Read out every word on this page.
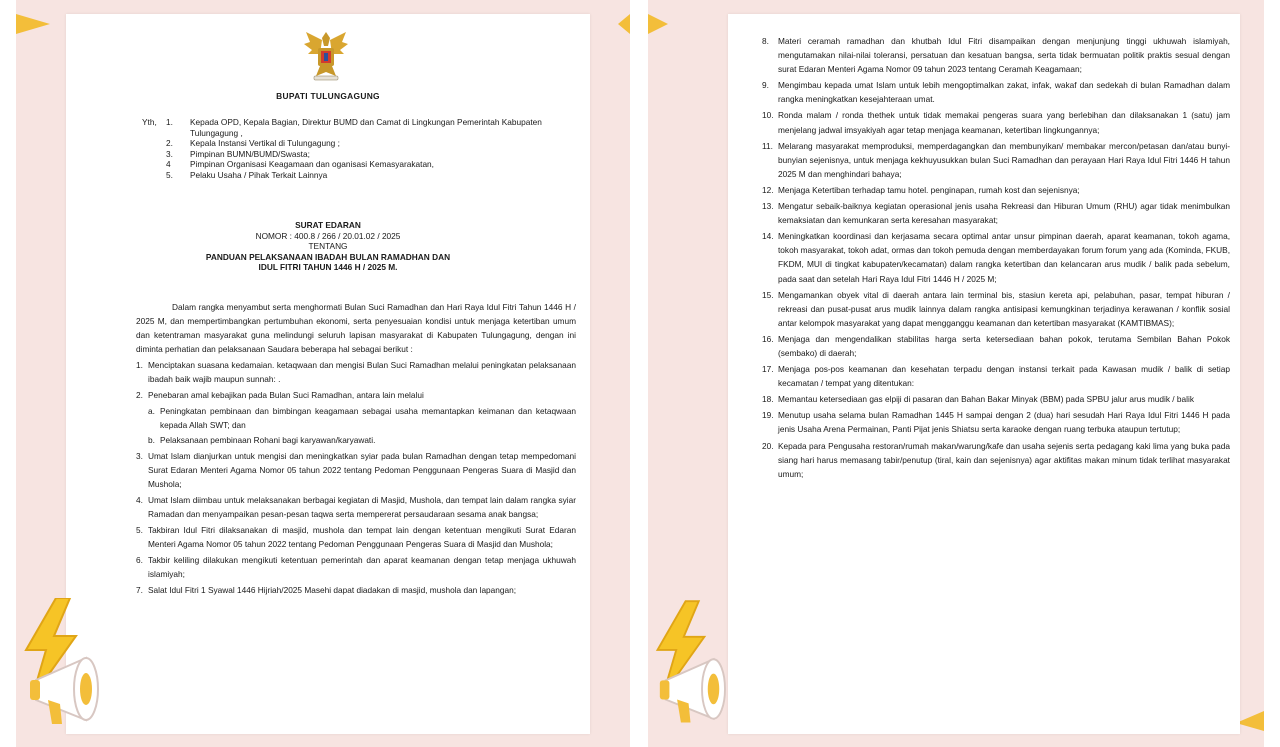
BUPATI TULUNGAGUNG
Yth,	1.	Kepada OPD, Kepala Bagian, Direktur BUMD dan Camat di Lingkungan Pemerintah Kabupaten Tulungagung ,
2.	Kepala Instansi Vertikal di Tulungagung ;
3.	Pimpinan BUMN/BUMD/Swasta;
4	Pimpinan Organisasi Keagamaan dan oganisasi Kemasyarakatan,
5.	Pelaku Usaha / Pihak Terkait Lainnya
SURAT EDARAN
NOMOR : 400.8 / 266 / 20.01.02 / 2025
TENTANG
PANDUAN PELAKSANAAN IBADAH BULAN RAMADHAN DAN
IDUL FITRI TAHUN 1446 H / 2025 M.
Dalam rangka menyambut serta menghormati Bulan Suci Ramadhan dan Hari Raya Idul Fitri Tahun 1446 H / 2025 M, dan mempertimbangkan pertumbuhan ekonomi, serta penyesuaian kondisi untuk menjaga ketertiban umum dan ketentraman masyarakat guna melindungi seluruh lapisan masyarakat di Kabupaten Tulungagung, dengan ini diminta perhatian dan pelaksanaan Saudara beberapa hal sebagai berikut :
1. Menciptakan suasana kedamaian. ketaqwaan dan mengisi Bulan Suci Ramadhan melalui peningkatan pelaksanaan ibadah baik wajib maupun sunnah: .
2. Penebaran amal kebajikan pada Bulan Suci Ramadhan, antara lain melalui
a. Peningkatan pembinaan dan bimbingan keagamaan sebagai usaha memantapkan keimanan dan ketaqwaan kepada Allah SWT; dan
b. Pelaksanaan pembinaan Rohani bagi karyawan/karyawati.
3. Umat Islam dianjurkan untuk mengisi dan meningkatkan syiar pada bulan Ramadhan dengan tetap mempedomani Surat Edaran Menteri Agama Nomor 05 tahun 2022 tentang Pedoman Penggunaan Pengeras Suara di Masjid dan Mushola;
4. Umat Islam diimbau untuk melaksanakan berbagai kegiatan di Masjid, Mushola, dan tempat lain dalam rangka syiar Ramadan dan menyampaikan pesan-pesan taqwa serta mempererat persaudaraan sesama anak bangsa;
5. Takbiran Idul Fitri dilaksanakan di masjid, mushola dan tempat lain dengan ketentuan mengikuti Surat Edaran Menteri Agama Nomor 05 tahun 2022 tentang Pedoman Penggunaan Pengeras Suara di Masjid dan Mushola;
6. Takbir keliling dilakukan mengikuti ketentuan pemerintah dan aparat keamanan dengan tetap menjaga ukhuwah islamiyah;
7. Salat Idul Fitri 1 Syawal 1446 Hijriah/2025 Masehi dapat diadakan di masjid, mushola dan lapangan;
8.	Materi ceramah ramadhan dan khutbah Idul Fitri disampaikan dengan menjunjung tinggi ukhuwah islamiyah, mengutamakan nilai-nilai toleransi, persatuan dan kesatuan bangsa, serta tidak bermuatan politik praktis sesual dengan surat Edaran Menteri Agama Nomor 09 tahun 2023 tentang Ceramah Keagamaan;
9.	Mengimbau kepada umat Islam untuk lebih mengoptimalkan zakat, infak, wakaf dan sedekah di bulan Ramadhan dalam rangka meningkatkan kesejahteraan umat.
10. Ronda malam / ronda thethek untuk tidak memakai pengeras suara yang berlebihan dan dilaksanakan 1 (satu) jam menjelang jadwal imsyakiyah agar tetap menjaga keamanan, ketertiban lingkungannya;
11. Melarang masyarakat memproduksi, memperdagangkan dan membunyikan/ membakar mercon/petasan dan/atau bunyi-bunyian sejenisnya, untuk menjaga kekhuyusukkan bulan Suci Ramadhan dan perayaan Hari Raya Idul Fitri 1446 H tahun 2025 M dan menghindari bahaya;
12. Menjaga Ketertiban terhadap tamu hotel. penginapan, rumah kost dan sejenisnya;
13. Mengatur sebaik-baiknya kegiatan operasional jenis usaha Rekreasi dan Hiburan Umum (RHU) agar tidak menimbulkan kemaksiatan dan kemunkaran serta keresahan masyarakat;
14. Meningkatkan koordinasi dan kerjasama secara optimal antar unsur pimpinan daerah, aparat keamanan, tokoh agama, tokoh masyarakat, tokoh adat, ormas dan tokoh pemuda dengan memberdayakan forum forum yang ada (Kominda, FKUB, FKDM, MUI di tingkat kabupaten/kecamatan) dalam rangka ketertiban dan kelancaran arus mudik / balik pada sebelum, pada saat dan setelah Hari Raya Idul Fitri 1446 H / 2025 M;
15. Mengamankan obyek vital di daerah antara lain terminal bis, stasiun kereta api, pelabuhan, pasar, tempat hiburan / rekreasi dan pusat-pusat arus mudik lainnya dalam rangka antisipasi kemungkinan terjadinya kerawanan / konflik sosial antar kelompok masyarakat yang dapat mengganggu keamanan dan ketertiban masyarakat (KAMTIBMAS);
16. Menjaga dan mengendalikan stabilitas harga serta ketersediaan bahan pokok, terutama Sembilan Bahan Pokok (sembako) di daerah;
17. Menjaga pos-pos keamanan dan kesehatan terpadu dengan instansi terkait pada Kawasan mudik / balik di setiap kecamatan / tempat yang ditentukan:
18. Memantau ketersediaan gas elpiji di pasaran dan Bahan Bakar Minyak (BBM) pada SPBU jalur arus mudik / balik
19. Menutup usaha selama bulan Ramadhan 1445 H sampai dengan 2 (dua) hari sesudah Hari Raya Idul Fitri 1446 H pada jenis Usaha Arena Permainan, Panti Pijat jenis Shiatsu serta karaoke dengan ruang terbuka ataupun tertutup;
20. Kepada para Pengusaha restoran/rumah makan/warung/kafe dan usaha sejenis serta pedagang kaki lima yang buka pada siang hari harus memasang tabir/penutup (tiral, kain dan sejenisnya) agar aktifitas makan minum tidak terlihat masyarakat umum;
